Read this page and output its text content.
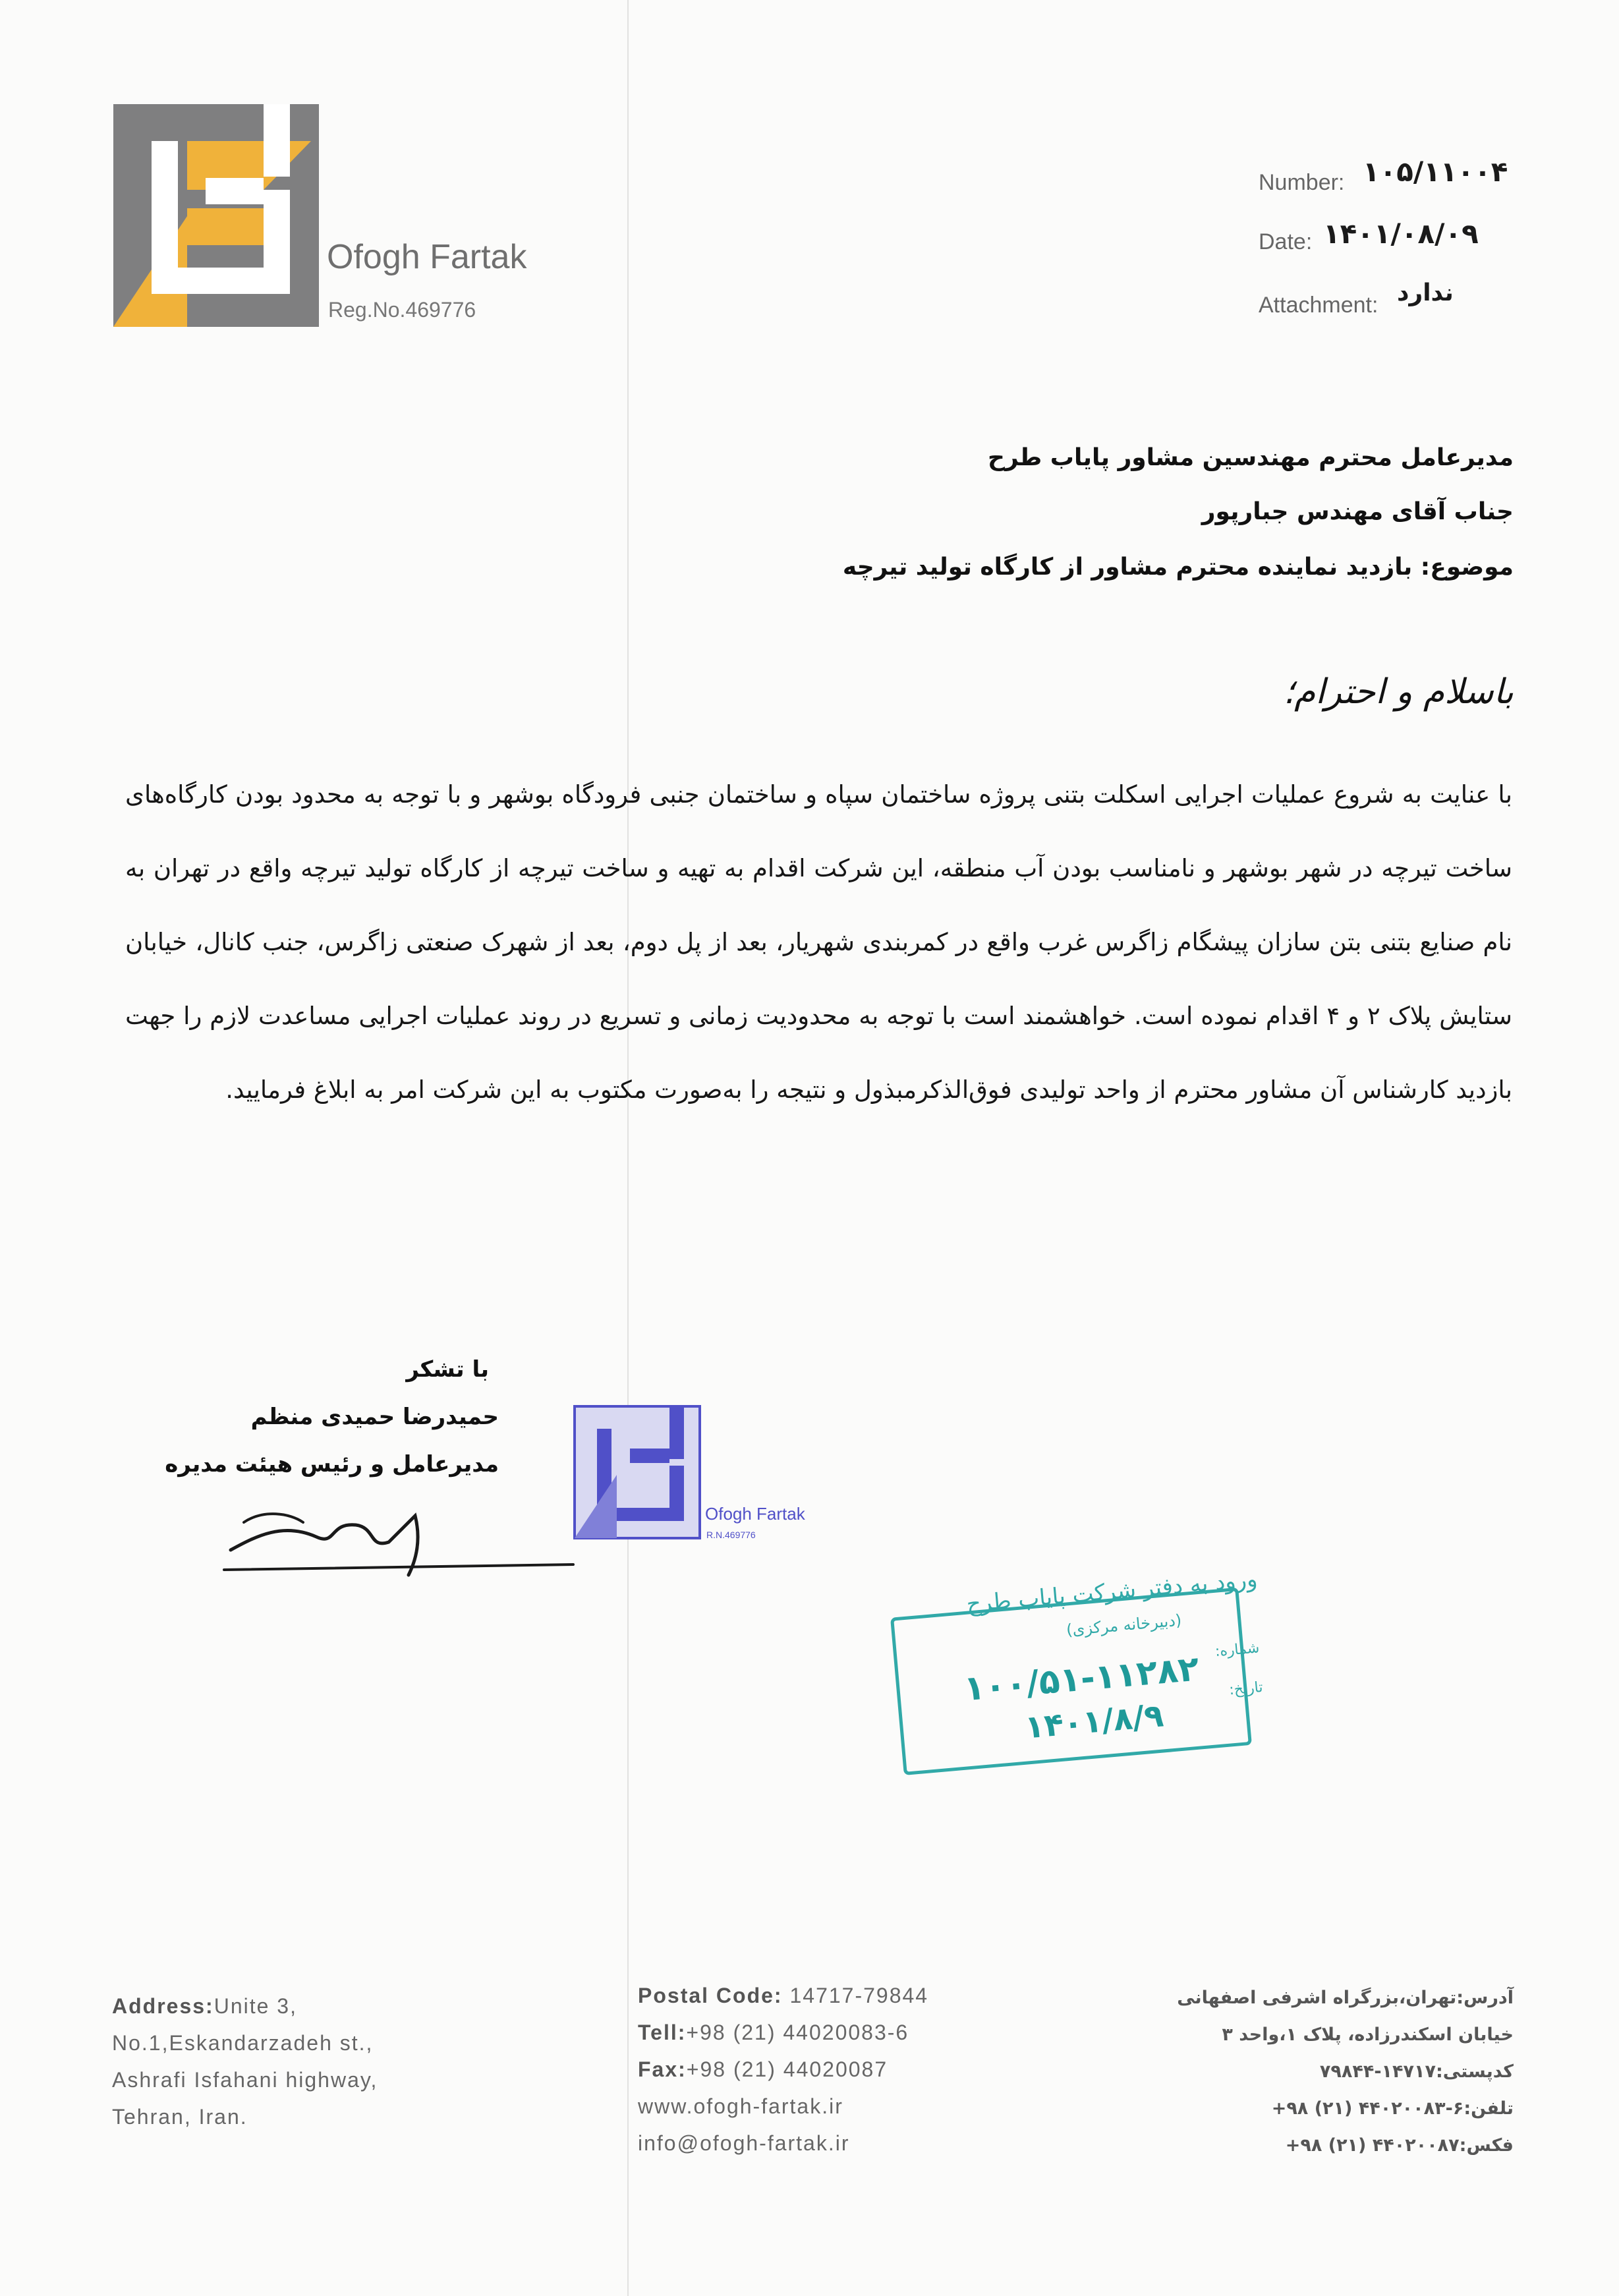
Ofogh Fartak
Reg.No.469776
Number: ۱۰۵/۱۱۰۰۴
Date: ۱۴۰۱/۰۸/۰۹
Attachment: ندارد
مدیرعامل محترم مهندسین مشاور پایاب طرح
جناب آقای مهندس جبارپور
موضوع: بازدید نماینده محترم مشاور از کارگاه تولید تیرچه
باسلام و احترام؛
با عنایت به شروع عملیات اجرایی اسکلت بتنی پروژه ساختمان سپاه و ساختمان جنبی فرودگاه بوشهر و با توجه به محدود بودن کارگاه‌های ساخت تیرچه در شهر بوشهر و نامناسب بودن آب منطقه، این شرکت اقدام به تهیه و ساخت تیرچه از کارگاه تولید تیرچه واقع در تهران به نام صنایع بتنی بتن سازان پیشگام زاگرس غرب واقع در کمربندی شهریار، بعد از پل دوم، بعد از شهرک صنعتی زاگرس، جنب کانال، خیابان ستایش پلاک ۲ و ۴ اقدام نموده است. خواهشمند است با توجه به محدودیت زمانی و تسریع در روند عملیات اجرایی مساعدت لازم را جهت بازدید کارشناس آن مشاور محترم از واحد تولیدی فوق‌الذکرمبذول و نتیجه را به‌صورت مکتوب به این شرکت امر به ابلاغ فرمایید.
با تشکر
حمیدرضا حمیدی منظم
مدیرعامل و رئیس هیئت مدیره
Ofogh Fartak
R.N.469776
ورود به دفتر شرکت پایاب طرح
(دبیرخانه مرکزی)
شماره:
۱۰۰/۵۱-۱۱۲۸۲ تاریخ:
۱۴۰۱/۸/۹
Address:Unite 3,
No.1,Eskandarzadeh st.,
Ashrafi Isfahani highway,
Tehran, Iran.
Postal Code: 14717-79844
Tell:+98 (21) 44020083-6
Fax:+98 (21) 44020087
www.ofogh-fartak.ir
info@ofogh-fartak.ir
آدرس:تهران،بزرگراه اشرفی اصفهانی
خیابان اسکندرزاده، پلاک ۱،واحد ۳
کدپستی:۱۴۷۱۷-۷۹۸۴۴
تلفن:۶-۴۴۰۲۰۰۸۳ (۲۱) ۹۸+
فکس:۴۴۰۲۰۰۸۷ (۲۱) ۹۸+
